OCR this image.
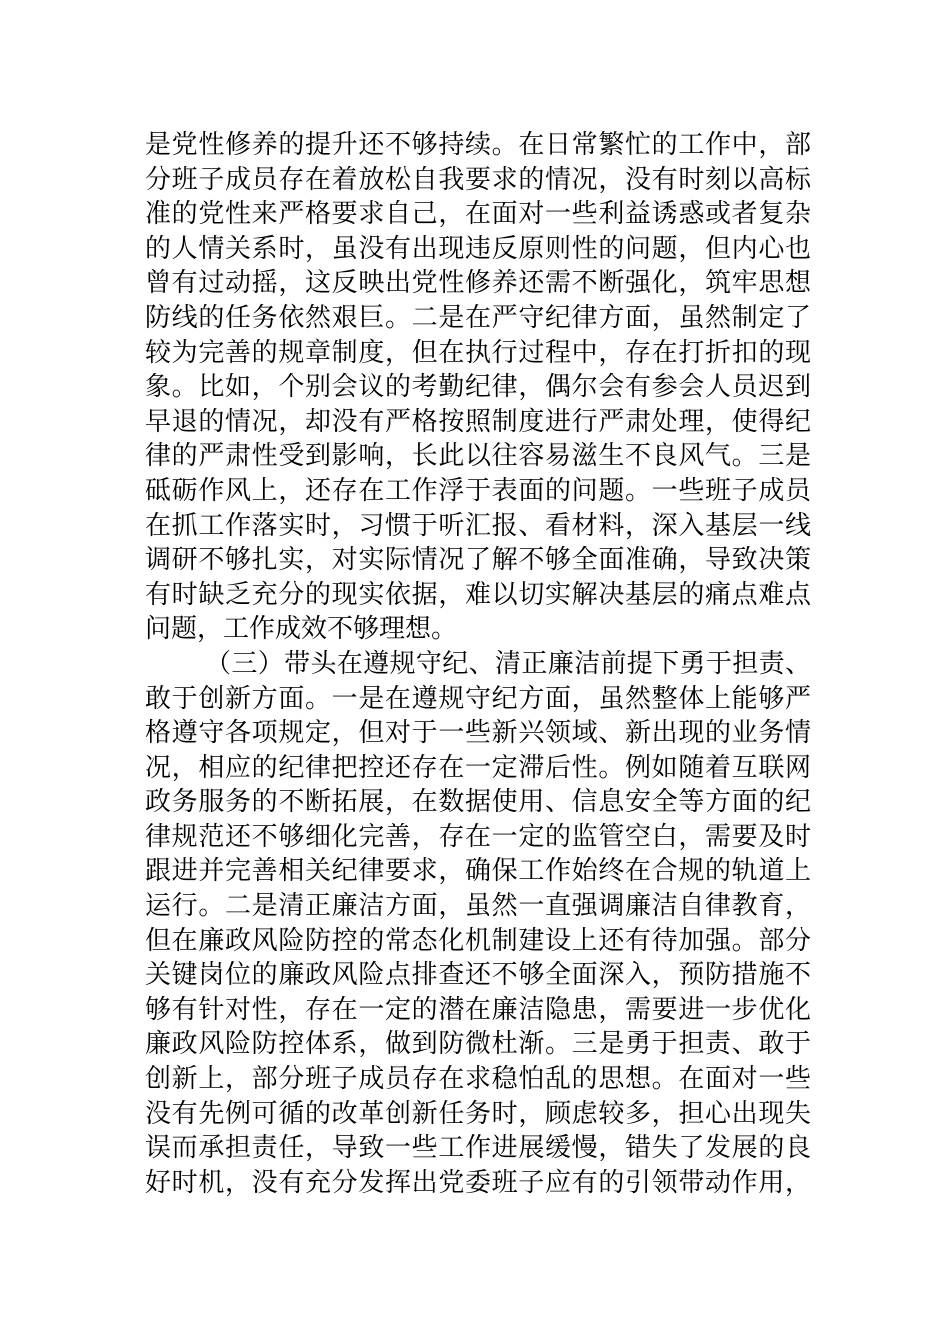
是党性修养的提升还不够持续。在日常繁忙的工作中，部
分班子成员存在着放松自我要求的情况，没有时刻以高标
准的党性来严格要求自己，在面对一些利益诱惑或者复杂
的人情关系时，虽没有出现违反原则性的问题，但内心也
曾有过动摇，这反映出党性修养还需不断强化，筑牢思想
防线的任务依然艰巨。二是在严守纪律方面，虽然制定了
较为完善的规章制度，但在执行过程中，存在打折扣的现
象。比如，个别会议的考勤纪律，偶尔会有参会人员迟到
早退的情况，却没有严格按照制度进行严肃处理，使得纪
律的严肃性受到影响，长此以往容易滋生不良风气。三是
砥砺作风上，还存在工作浮于表面的问题。一些班子成员
在抓工作落实时，习惯于听汇报、看材料，深入基层一线
调研不够扎实，对实际情况了解不够全面准确，导致决策
有时缺乏充分的现实依据，难以切实解决基层的痛点难点
问题，工作成效不够理想。
（三）带头在遵规守纪、清正廉洁前提下勇于担责、
敢于创新方面。一是在遵规守纪方面，虽然整体上能够严
格遵守各项规定，但对于一些新兴领域、新出现的业务情
况，相应的纪律把控还存在一定滞后性。例如随着互联网
政务服务的不断拓展，在数据使用、信息安全等方面的纪
律规范还不够细化完善，存在一定的监管空白，需要及时
跟进并完善相关纪律要求，确保工作始终在合规的轨道上
运行。二是清正廉洁方面，虽然一直强调廉洁自律教育，
但在廉政风险防控的常态化机制建设上还有待加强。部分
关键岗位的廉政风险点排查还不够全面深入，预防措施不
够有针对性，存在一定的潜在廉洁隐患，需要进一步优化
廉政风险防控体系，做到防微杜渐。三是勇于担责、敢于
创新上，部分班子成员存在求稳怕乱的思想。在面对一些
没有先例可循的改革创新任务时，顾虑较多，担心出现失
误而承担责任，导致一些工作进展缓慢，错失了发展的良
好时机，没有充分发挥出党委班子应有的引领带动作用，
